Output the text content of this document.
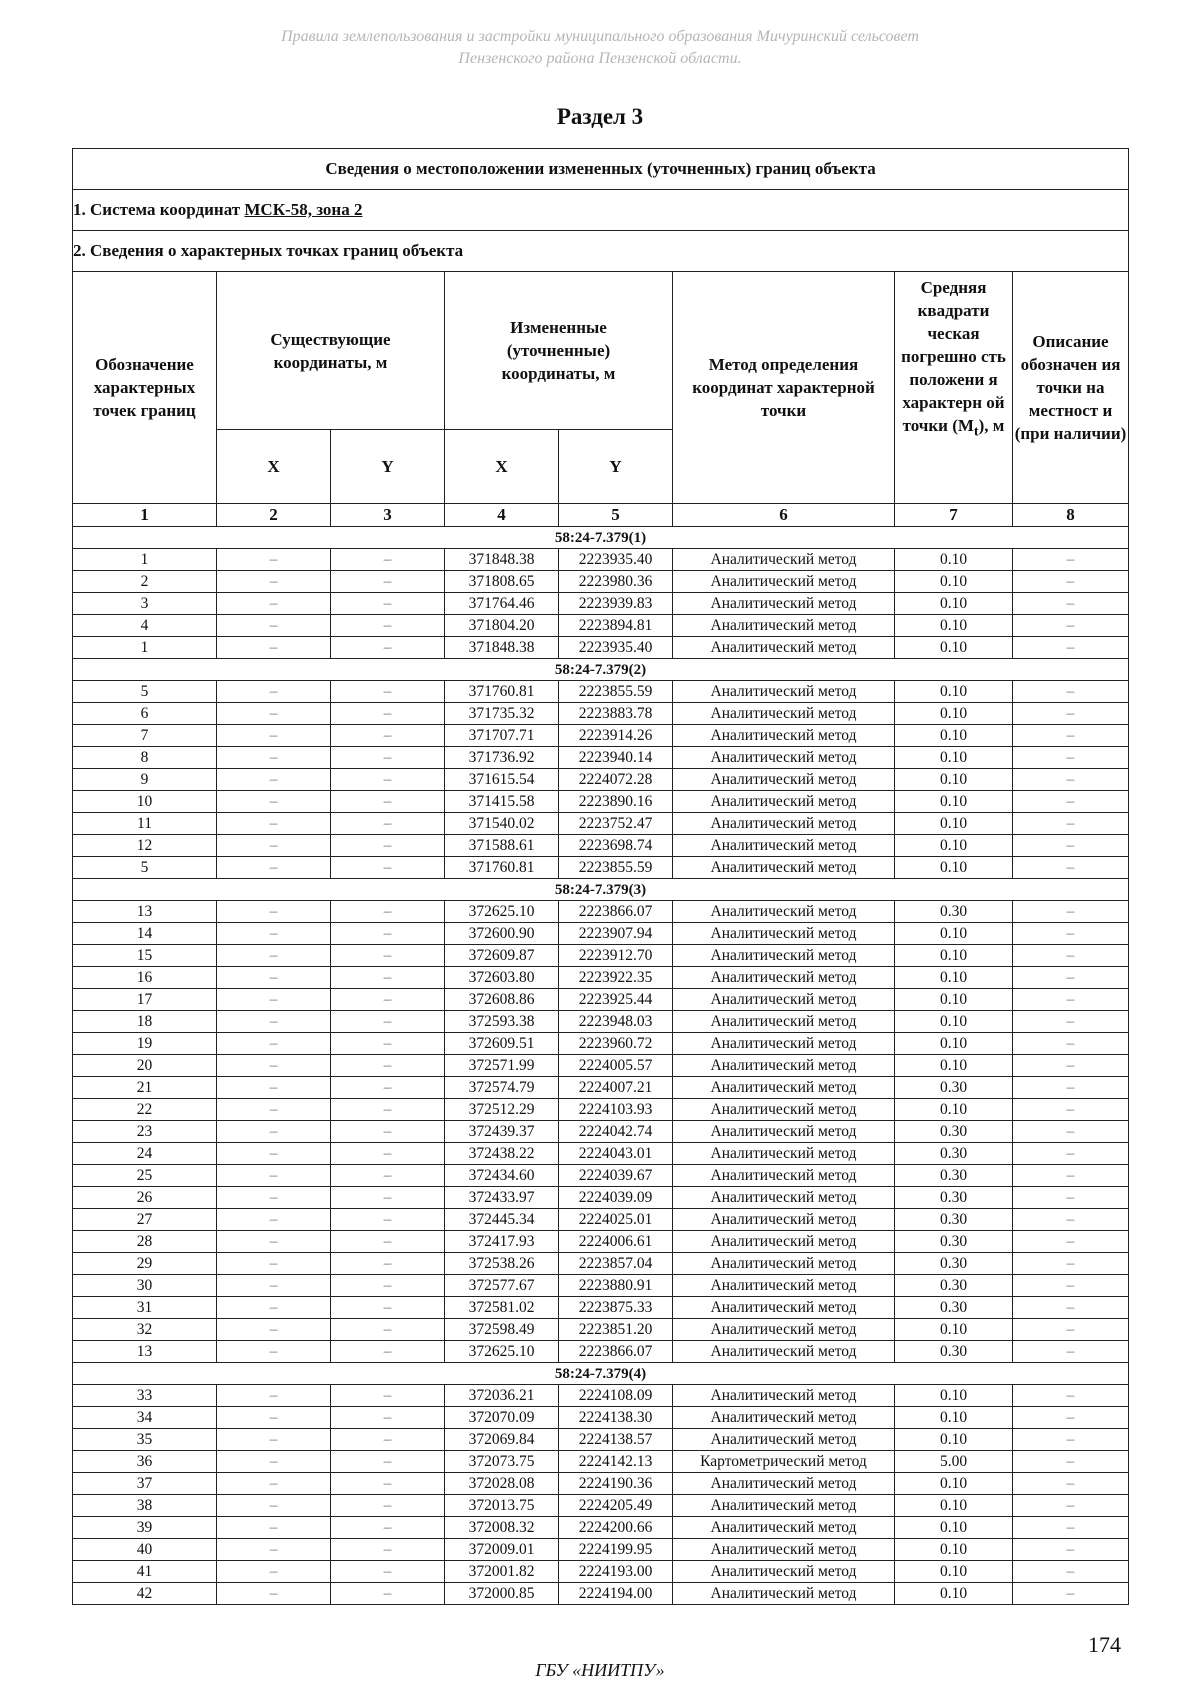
Правила землепользования и застройки муниципального образования Мичуринский сельсовет
Пензенского района Пензенской области.
Раздел 3
Сведения о местоположении измененных (уточненных) границ объекта							
1. Система координат МСК-58, зона 2							
2. Сведения о характерных точках границ объекта							
Обозначение характерных точек границ	Существующие координаты, м		Измененные (уточненные) координаты, м		Метод определения координат характерной точки	Средняя квадрати ческая погрешно сть положени я характерн ой точки $(M_t)$, м	Описание обозначен ия точки на местност и (при наличии)
	X	Y	X	Y			
1	2	3	4	5	6	7	8
58:24-7.379(1)							
1	–	–	371848.38	2223935.40	Аналитический метод	0.10	–
2	–	–	371808.65	2223980.36	Аналитический метод	0.10	–
3	–	–	371764.46	2223939.83	Аналитический метод	0.10	–
4	–	–	371804.20	2223894.81	Аналитический метод	0.10	–
1	–	–	371848.38	2223935.40	Аналитический метод	0.10	–
58:24-7.379(2)							
5	–	–	371760.81	2223855.59	Аналитический метод	0.10	–
6	–	–	371735.32	2223883.78	Аналитический метод	0.10	–
7	–	–	371707.71	2223914.26	Аналитический метод	0.10	–
8	–	–	371736.92	2223940.14	Аналитический метод	0.10	–
9	–	–	371615.54	2224072.28	Аналитический метод	0.10	–
10	–	–	371415.58	2223890.16	Аналитический метод	0.10	–
11	–	–	371540.02	2223752.47	Аналитический метод	0.10	–
12	–	–	371588.61	2223698.74	Аналитический метод	0.10	–
5	–	–	371760.81	2223855.59	Аналитический метод	0.10	–
58:24-7.379(3)							
13	–	–	372625.10	2223866.07	Аналитический метод	0.30	–
14	–	–	372600.90	2223907.94	Аналитический метод	0.10	–
15	–	–	372609.87	2223912.70	Аналитический метод	0.10	–
16	–	–	372603.80	2223922.35	Аналитический метод	0.10	–
17	–	–	372608.86	2223925.44	Аналитический метод	0.10	–
18	–	–	372593.38	2223948.03	Аналитический метод	0.10	–
19	–	–	372609.51	2223960.72	Аналитический метод	0.10	–
20	–	–	372571.99	2224005.57	Аналитический метод	0.10	–
21	–	–	372574.79	2224007.21	Аналитический метод	0.30	–
22	–	–	372512.29	2224103.93	Аналитический метод	0.10	–
23	–	–	372439.37	2224042.74	Аналитический метод	0.30	–
24	–	–	372438.22	2224043.01	Аналитический метод	0.30	–
25	–	–	372434.60	2224039.67	Аналитический метод	0.30	–
26	–	–	372433.97	2224039.09	Аналитический метод	0.30	–
27	–	–	372445.34	2224025.01	Аналитический метод	0.30	–
28	–	–	372417.93	2224006.61	Аналитический метод	0.30	–
29	–	–	372538.26	2223857.04	Аналитический метод	0.30	–
30	–	–	372577.67	2223880.91	Аналитический метод	0.30	–
31	–	–	372581.02	2223875.33	Аналитический метод	0.30	–
32	–	–	372598.49	2223851.20	Аналитический метод	0.10	–
13	–	–	372625.10	2223866.07	Аналитический метод	0.30	–
58:24-7.379(4)							
33	–	–	372036.21	2224108.09	Аналитический метод	0.10	–
34	–	–	372070.09	2224138.30	Аналитический метод	0.10	–
35	–	–	372069.84	2224138.57	Аналитический метод	0.10	–
36	–	–	372073.75	2224142.13	Картометрический метод	5.00	–
37	–	–	372028.08	2224190.36	Аналитический метод	0.10	–
38	–	–	372013.75	2224205.49	Аналитический метод	0.10	–
39	–	–	372008.32	2224200.66	Аналитический метод	0.10	–
40	–	–	372009.01	2224199.95	Аналитический метод	0.10	–
41	–	–	372001.82	2224193.00	Аналитический метод	0.10	–
42	–	–	372000.85	2224194.00	Аналитический метод	0.10	–
174
ГБУ «НИИТПУ»
